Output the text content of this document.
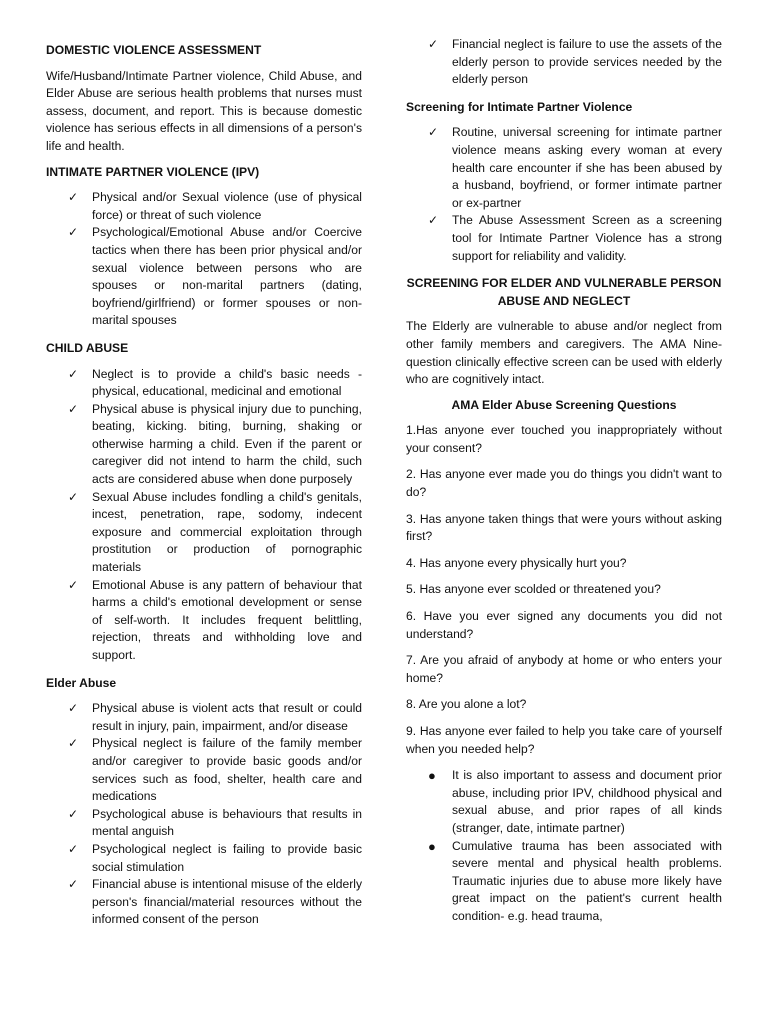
DOMESTIC VIOLENCE ASSESSMENT

Wife/Husband/Intimate Partner violence, Child Abuse, and Elder Abuse are serious health problems that nurses must assess, document, and report. This is because domestic violence has serious effects in all dimensions of a person's life and health.

INTIMATE PARTNER VIOLENCE (IPV)
✓ Physical and/or Sexual violence (use of physical force) or threat of such violence
✓ Psychological/Emotional Abuse and/or Coercive tactics when there has been prior physical and/or sexual violence between persons who are spouses or non-marital partners (dating, boyfriend/girlfriend) or former spouses or non-marital spouses
CHILD ABUSE
✓ Neglect is to provide a child's basic needs - physical, educational, medicinal and emotional
✓ Physical abuse is physical injury due to punching, beating, kicking. biting, burning, shaking or otherwise harming a child. Even if the parent or caregiver did not intend to harm the child, such acts are considered abuse when done purposely
✓ Sexual Abuse includes fondling a child's genitals, incest, penetration, rape, sodomy, indecent exposure and commercial exploitation through prostitution or production of pornographic materials
✓ Emotional Abuse is any pattern of behaviour that harms a child's emotional development or sense of self-worth. It includes frequent belittling, rejection, threats and withholding love and support.
Elder Abuse
✓ Physical abuse is violent acts that result or could result in injury, pain, impairment, and/or disease
✓ Physical neglect is failure of the family member and/or caregiver to provide basic goods and/or services such as food, shelter, health care and medications
✓ Psychological abuse is behaviours that results in mental anguish
✓ Psychological neglect is failing to provide basic social stimulation
✓ Financial abuse is intentional misuse of the elderly person's financial/material resources without the informed consent of the person
✓ Financial neglect is failure to use the assets of the elderly person to provide services needed by the elderly person
Screening for Intimate Partner Violence
✓ Routine, universal screening for intimate partner violence means asking every woman at every health care encounter if she has been abused by a husband, boyfriend, or former intimate partner or ex-partner
✓ The Abuse Assessment Screen as a screening tool for Intimate Partner Violence has a strong support for reliability and validity.
SCREENING FOR ELDER AND VULNERABLE PERSON
ABUSE AND NEGLECT

The Elderly are vulnerable to abuse and/or neglect from other family members and caregivers. The AMA Nine-question clinically effective screen can be used with elderly who are cognitively intact.

AMA Elder Abuse Screening Questions

1.Has anyone ever touched you inappropriately without your consent?

2. Has anyone ever made you do things you didn't want to do?

3. Has anyone taken things that were yours without asking first?

4. Has anyone every physically hurt you?

5. Has anyone ever scolded or threatened you?

6. Have you ever signed any documents you did not understand?

7. Are you afraid of anybody at home or who enters your home?

8. Are you alone a lot?

9. Has anyone ever failed to help you take care of yourself when you needed help?

● It is also important to assess and document prior abuse, including prior IPV, childhood physical and sexual abuse, and prior rapes of all kinds (stranger, date, intimate partner)
● Cumulative trauma has been associated with severe mental and physical health problems. Traumatic injuries due to abuse more likely have great impact on the patient's current health condition- e.g. head trauma,
